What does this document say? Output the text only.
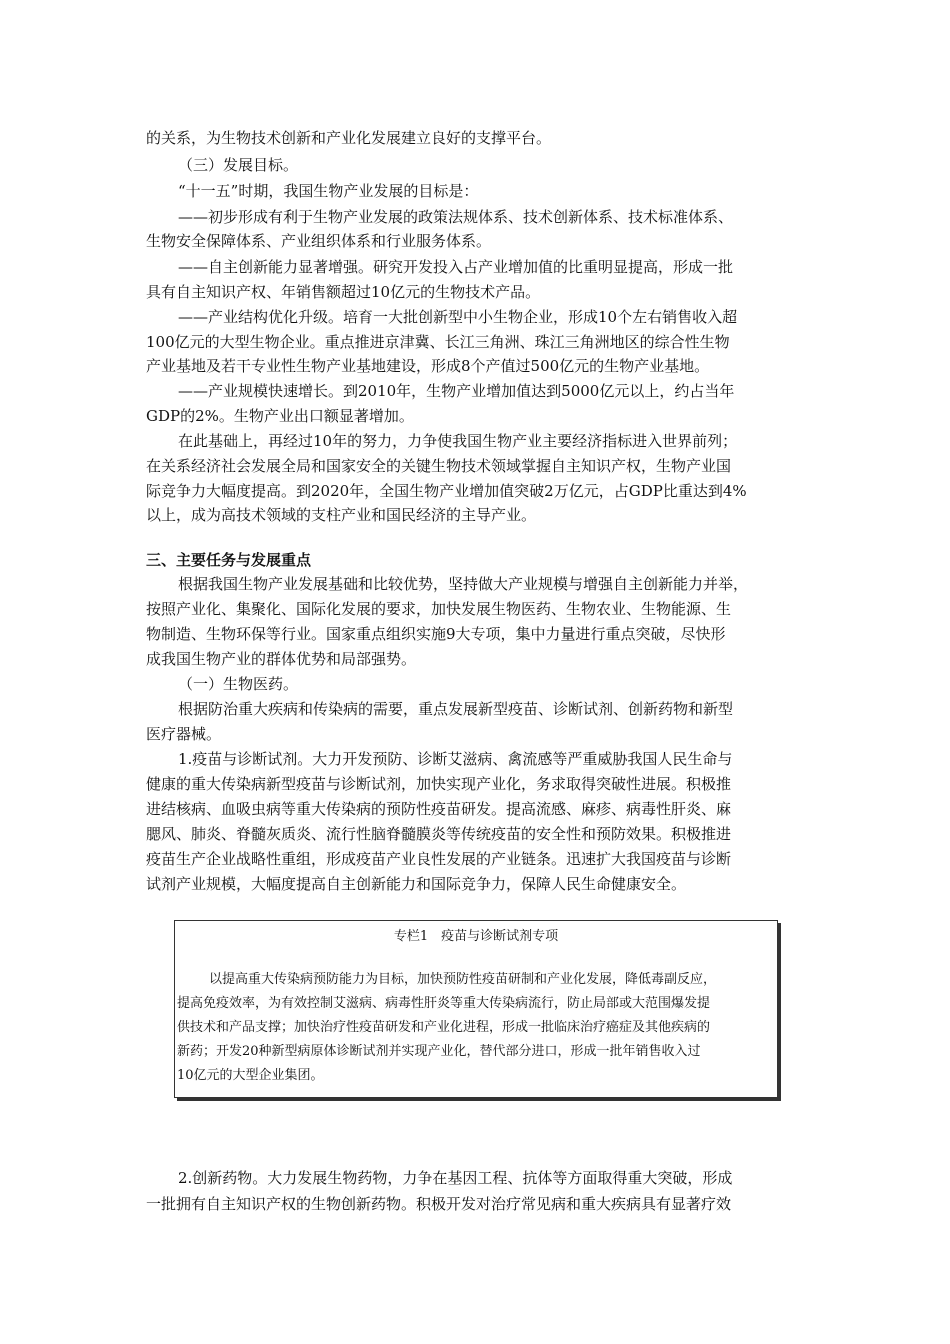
的关系，为生物技术创新和产业化发展建立良好的支撑平台。
（三）发展目标。
“十一五”时期，我国生物产业发展的目标是：
——初步形成有利于生物产业发展的政策法规体系、技术创新体系、技术标准体系、
生物安全保障体系、产业组织体系和行业服务体系。
——自主创新能力显著增强。研究开发投入占产业增加值的比重明显提高，形成一批
具有自主知识产权、年销售额超过10亿元的生物技术产品。
——产业结构优化升级。培育一大批创新型中小生物企业，形成10个左右销售收入超
100亿元的大型生物企业。重点推进京津冀、长江三角洲、珠江三角洲地区的综合性生物
产业基地及若干专业性生物产业基地建设，形成8个产值过500亿元的生物产业基地。
——产业规模快速增长。到2010年，生物产业增加值达到5000亿元以上，约占当年
GDP的2%。生物产业出口额显著增加。
在此基础上，再经过10年的努力，力争使我国生物产业主要经济指标进入世界前列；
在关系经济社会发展全局和国家安全的关键生物技术领域掌握自主知识产权，生物产业国
际竞争力大幅度提高。到2020年，全国生物产业增加值突破2万亿元，占GDP比重达到4%
以上，成为高技术领域的支柱产业和国民经济的主导产业。
三、主要任务与发展重点
根据我国生物产业发展基础和比较优势，坚持做大产业规模与增强自主创新能力并举，
按照产业化、集聚化、国际化发展的要求，加快发展生物医药、生物农业、生物能源、生
物制造、生物环保等行业。国家重点组织实施9大专项，集中力量进行重点突破，尽快形
成我国生物产业的群体优势和局部强势。
（一）生物医药。
根据防治重大疾病和传染病的需要，重点发展新型疫苗、诊断试剂、创新药物和新型
医疗器械。
1.疫苗与诊断试剂。大力开发预防、诊断艾滋病、禽流感等严重威胁我国人民生命与
健康的重大传染病新型疫苗与诊断试剂，加快实现产业化，务求取得突破性进展。积极推
进结核病、血吸虫病等重大传染病的预防性疫苗研发。提高流感、麻疹、病毒性肝炎、麻
腮风、肺炎、脊髓灰质炎、流行性脑脊髓膜炎等传统疫苗的安全性和预防效果。积极推进
疫苗生产企业战略性重组，形成疫苗产业良性发展的产业链条。迅速扩大我国疫苗与诊断
试剂产业规模，大幅度提高自主创新能力和国际竞争力，保障人民生命健康安全。
专栏1　疫苗与诊断试剂专项
以提高重大传染病预防能力为目标，加快预防性疫苗研制和产业化发展，降低毒副反应，
提高免疫效率，为有效控制艾滋病、病毒性肝炎等重大传染病流行，防止局部或大范围爆发提
供技术和产品支撑；加快治疗性疫苗研发和产业化进程，形成一批临床治疗癌症及其他疾病的
新药；开发20种新型病原体诊断试剂并实现产业化，替代部分进口，形成一批年销售收入过
10亿元的大型企业集团。
2.创新药物。大力发展生物药物，力争在基因工程、抗体等方面取得重大突破，形成
一批拥有自主知识产权的生物创新药物。积极开发对治疗常见病和重大疾病具有显著疗效
